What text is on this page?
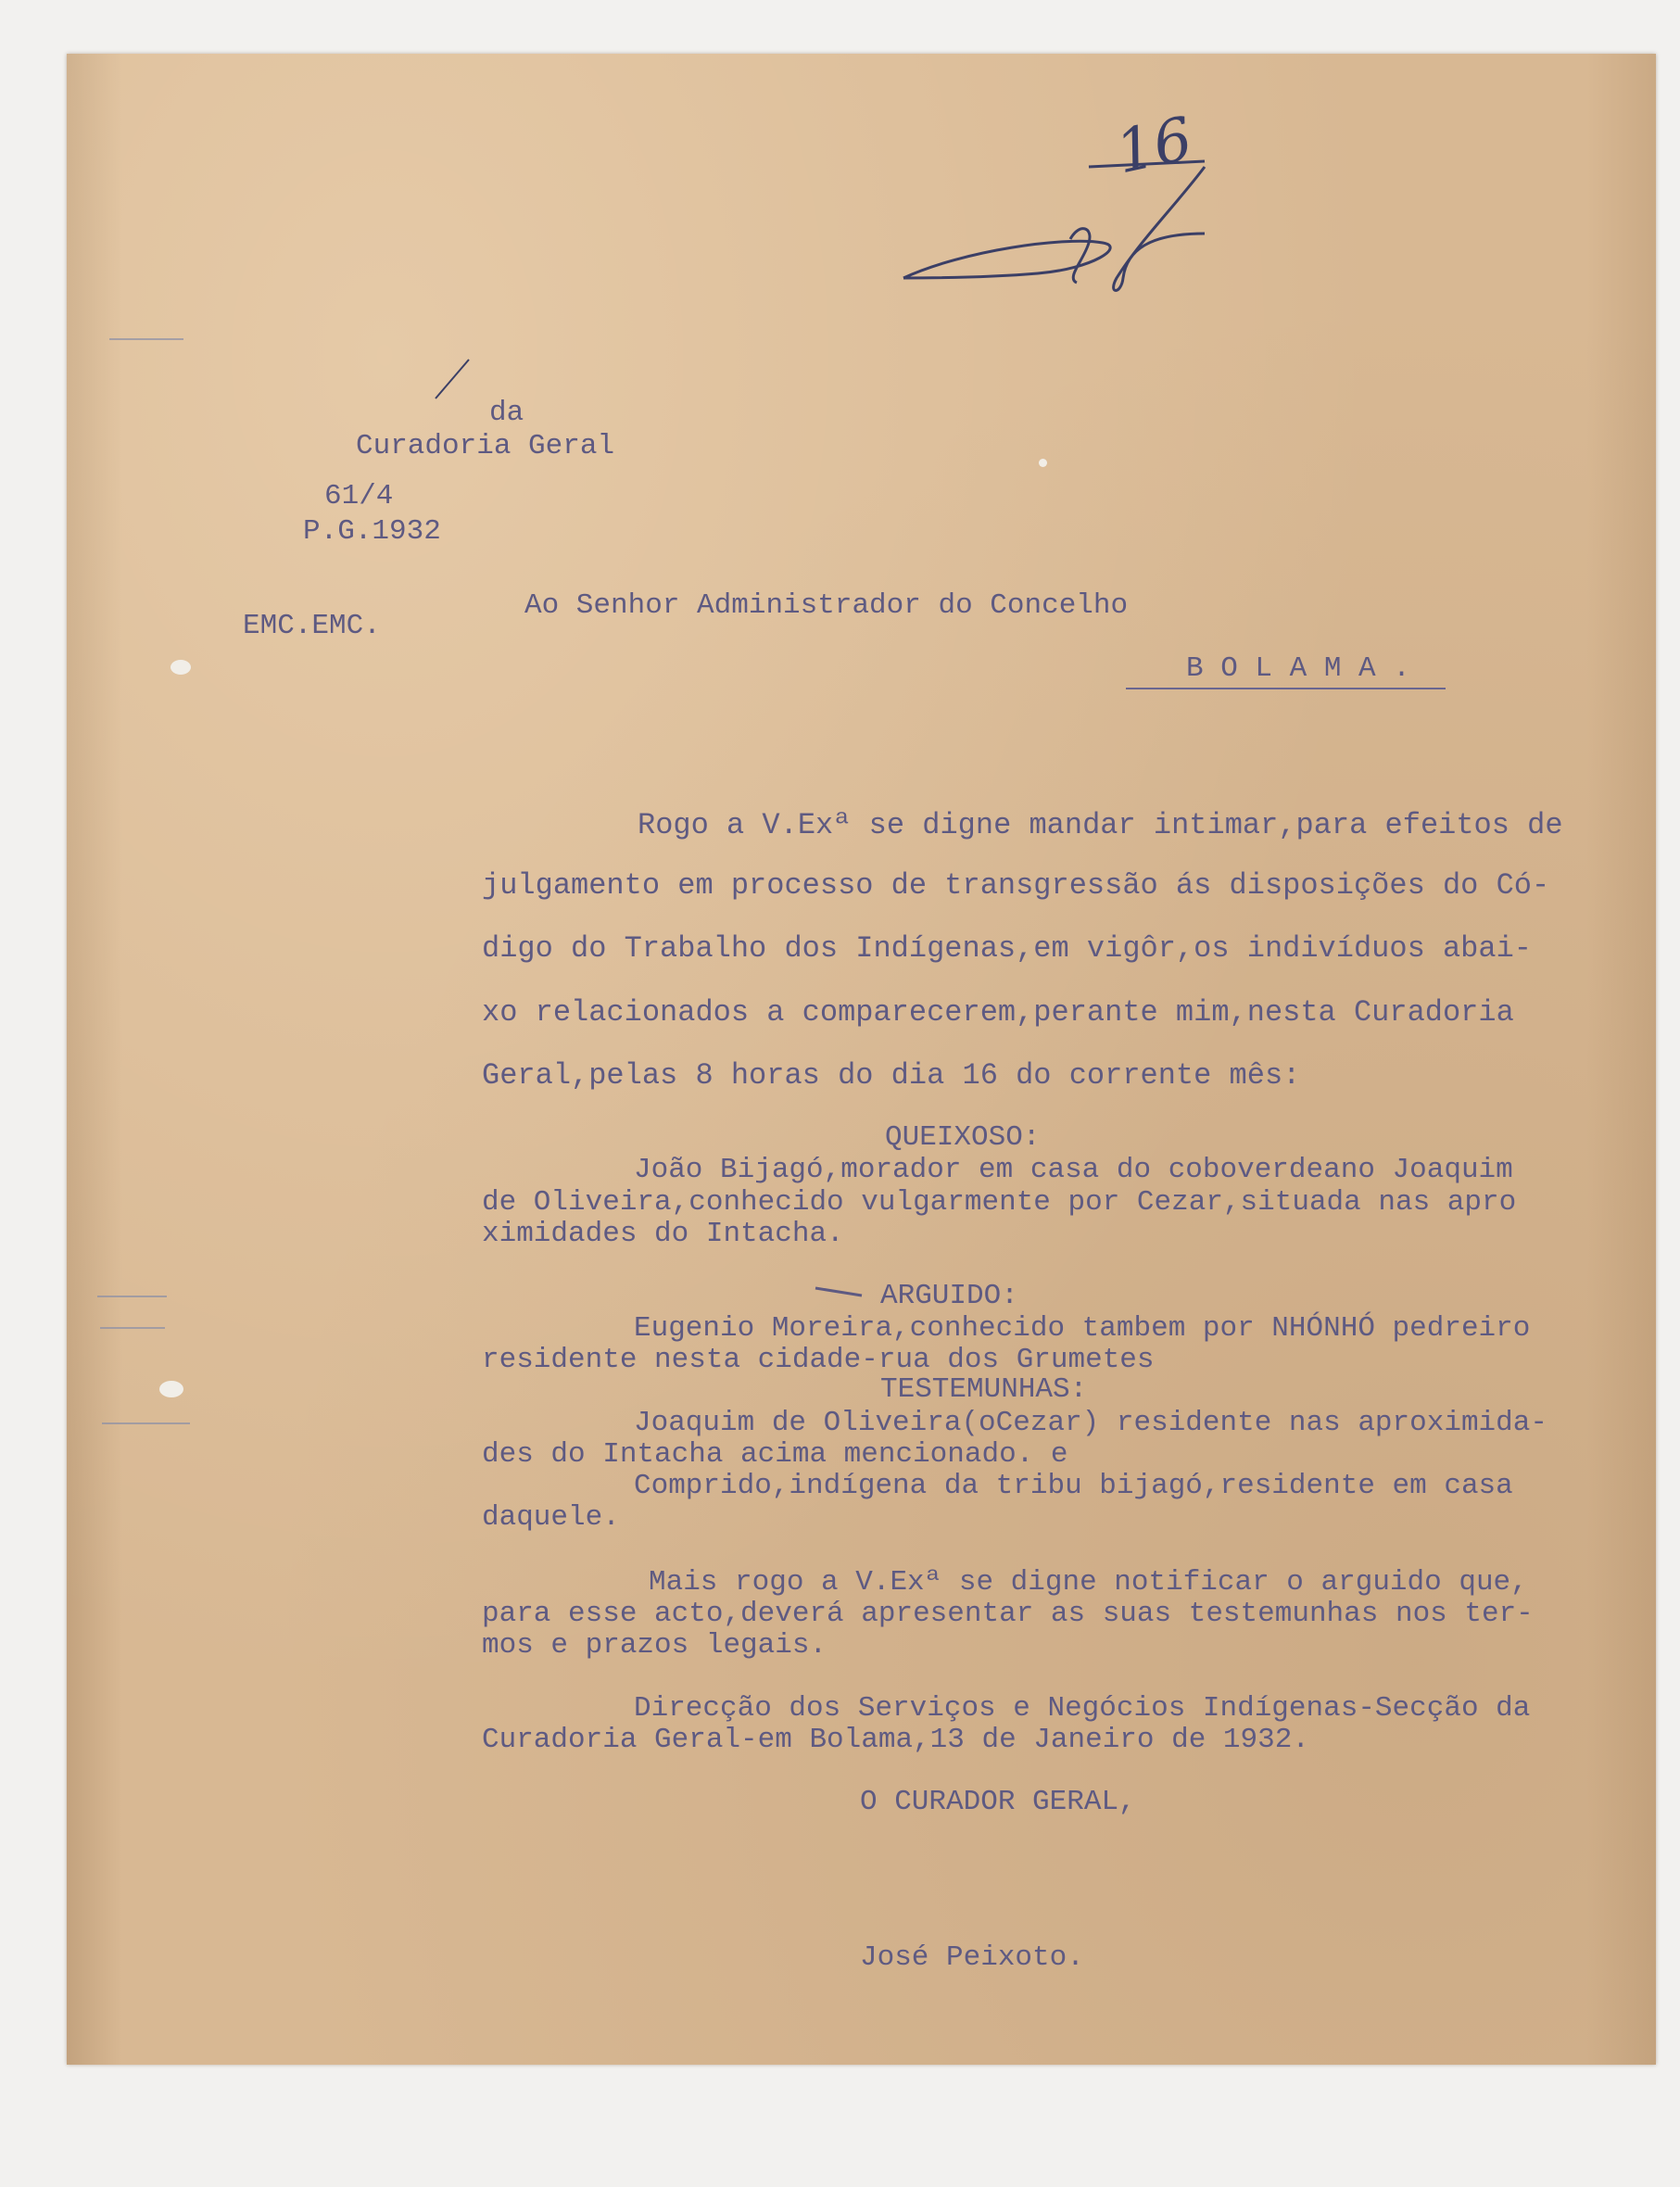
16
da
Curadoria Geral
61/4
P.G.1932
EMC.EMC.
Ao Senhor Administrador do Concelho
B O L A M A .
Rogo a V.Exª se digne mandar intimar,para efeitos de
julgamento em processo de transgressão ás disposições do Có-
digo do Trabalho dos Indígenas,em vigôr,os indivíduos abai-
xo relacionados a comparecerem,perante mim,nesta Curadoria
Geral,pelas 8 horas do dia 16 do corrente mês:
QUEIXOSO:
João Bijagó,morador em casa do coboverdeano Joaquim
de Oliveira,conhecido vulgarmente por Cezar,situada nas apro
ximidades do Intacha.
ARGUIDO:
Eugenio Moreira,conhecido tambem por NHÓNHÓ pedreiro
residente nesta cidade-rua dos Grumetes
TESTEMUNHAS:
Joaquim de Oliveira(oCezar) residente nas aproximida-
des do Intacha acima mencionado. e
Comprido,indígena da tribu bijagó,residente em casa
daquele.
Mais rogo a V.Exª se digne notificar o arguido que,
para esse acto,deverá apresentar as suas testemunhas nos ter-
mos e prazos legais.
Direcção dos Serviços e Negócios Indígenas-Secção da
Curadoria Geral-em Bolama,13 de Janeiro de 1932.
O CURADOR GERAL,
José Peixoto.
